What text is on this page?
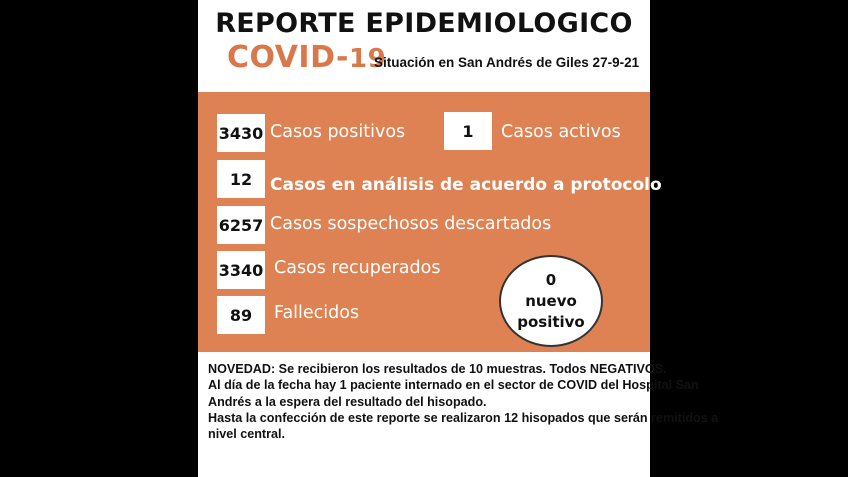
REPORTE EPIDEMIOLOGICO
COVID-19
Situación en San Andrés de Giles 27-9-21
3430 Casos positivos	1	Casos activos
12	Casos en análisis de acuerdo a protocolo
6257 Casos sospechosos descartados
3340 Casos recuperados
89	Fallecidos
0
nuevo
positivo
NOVEDAD: Se recibieron los resultados de 10 muestras. Todos NEGATIVOS.
Al día de la fecha hay 1 paciente internado en el sector de COVID del Hospital San
Andrés a la espera del resultado del hisopado.
Hasta la confección de este reporte se realizaron 12 hisopados que serán remitidos a
nivel central.
